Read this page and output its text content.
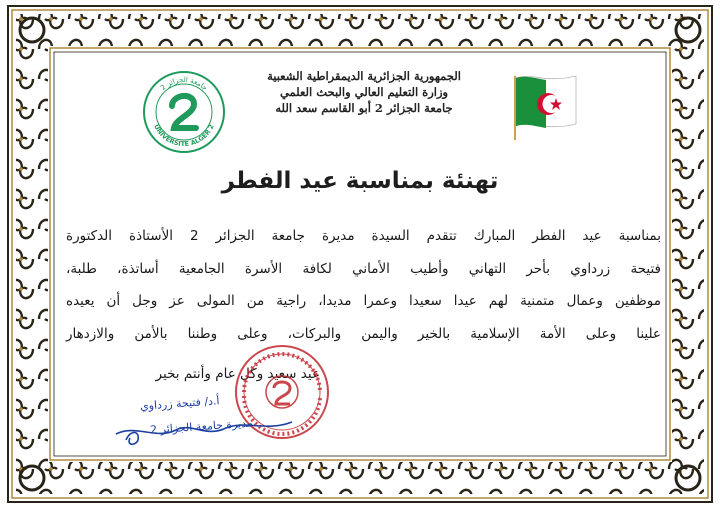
جامعة الجزائر 2
UNIVERSITE ALGER 2
الجمهورية الجزائرية الديمقراطية الشعبية
وزارة التعليم العالي والبحث العلمي
جامعة الجزائر 2 أبو القاسم سعد الله
تهنئة بمناسبة عيد الفطر
بمناسبة عيد الفطر المبارك تتقدم السيدة مديرة جامعة الجزائر 2 الأستاذة الدكتورة
فتيحة زرداوي بأحر التهاني وأطيب الأماني لكافة الأسرة الجامعية أساتذة، طلبة،
موظفين وعمال متمنية لهم عيدا سعيدا وعمرا مديدا، راجية من المولى عز وجل أن يعيده
علينا وعلى الأمة الإسلامية بالخير واليمن والبركات، وعلى وطننا بالأمن والازدهار
عيد سعيد وكل عام وأنتم بخير
أ.د/ فتيحة زرداوي
مديرة جامعة الجزائر 2
